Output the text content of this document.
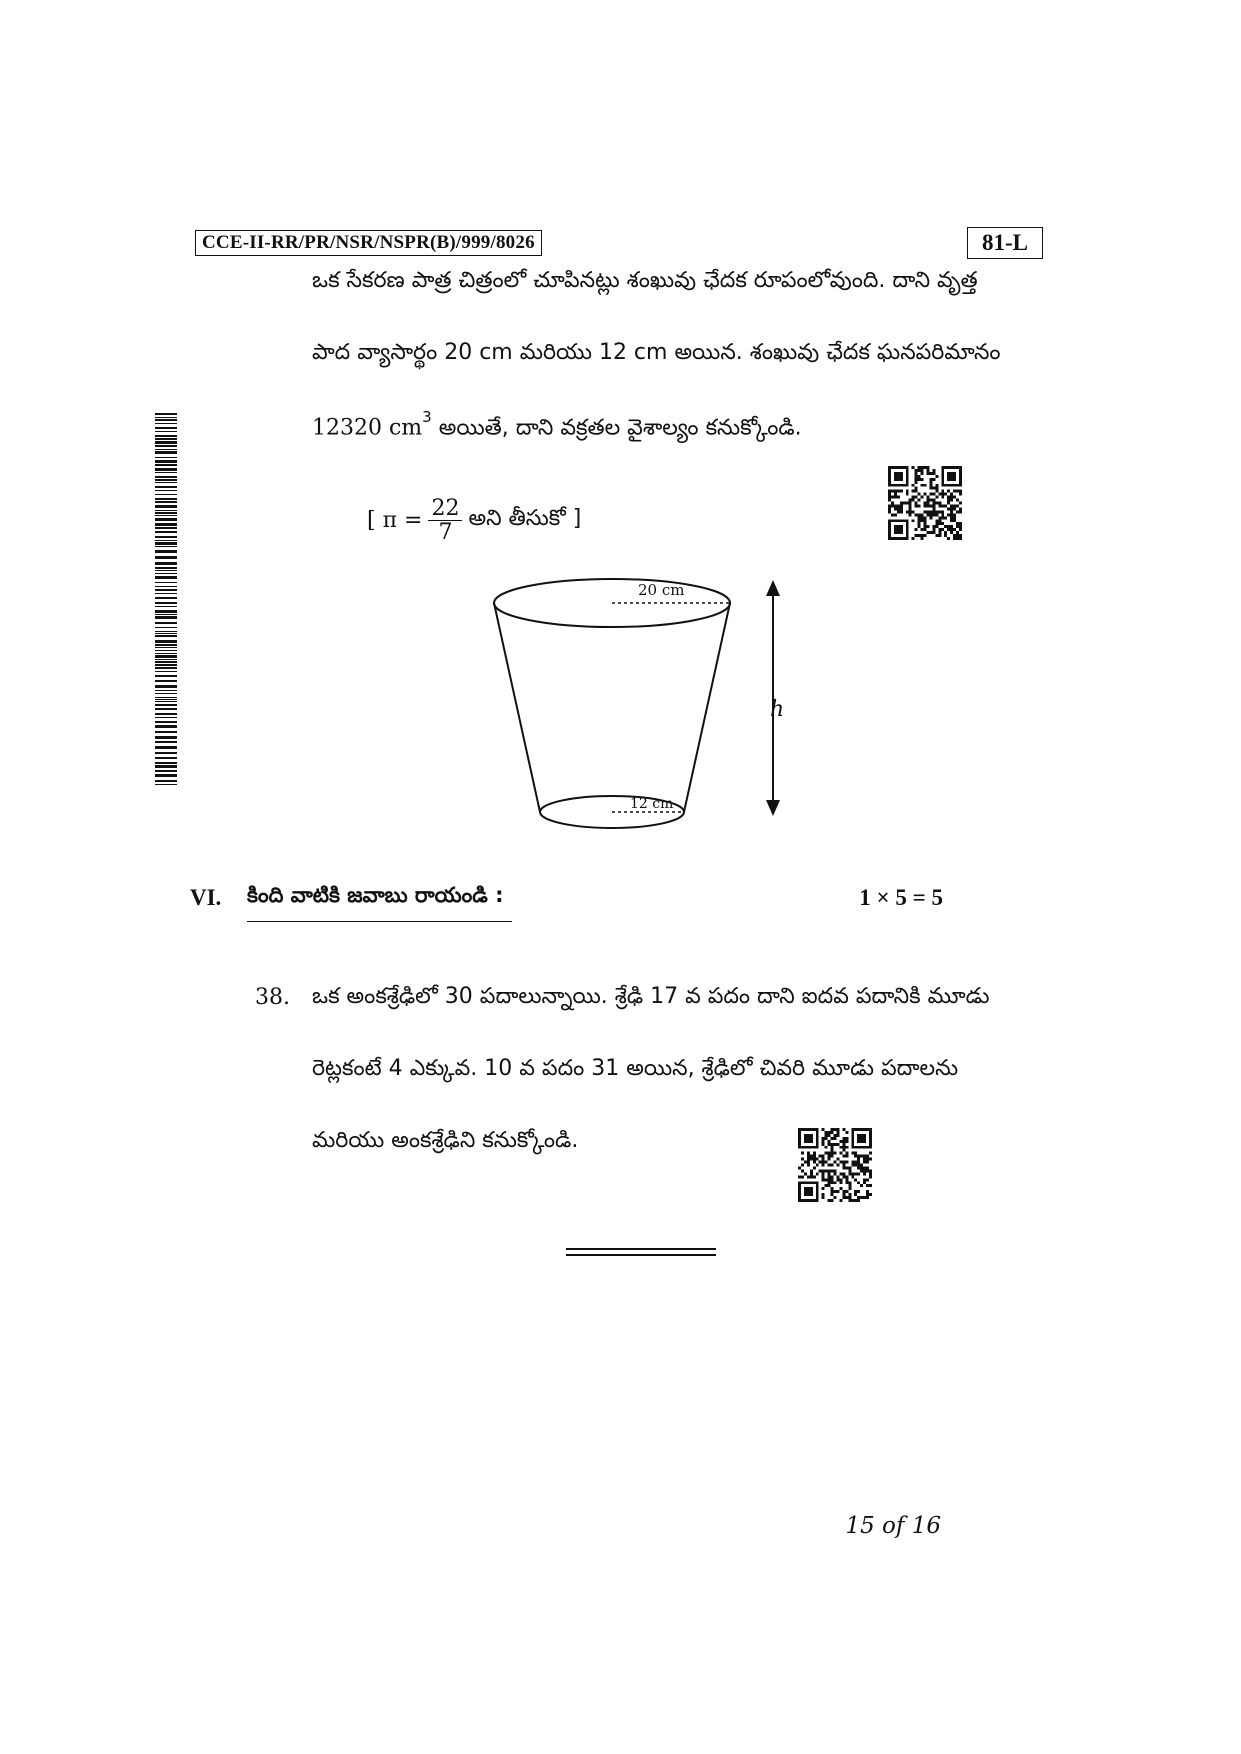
CCE-II-RR/PR/NSR/NSPR(B)/999/8026	81-L
ఒక సేకరణ పాత్ర చిత్రంలో చూపినట్లు శంఖువు ఛేదక రూపంలోవుంది. దాని వృత్త
పాద వ్యాసార్థం 20 cm మరియు 12 cm అయిన. శంఖువు ఛేదక ఘనపరిమానం
12320 $cm^3$ అయితే, దాని వక్రతల వైశాల్యం కనుక్కోండి.
[ $\pi = \frac{22}{7}$ అని తీసుకో ]
20 cm
12 cm
h
VI. కింది వాటికి జవాబు రాయండి :	1 × 5 = 5
38. ఒక అంకశ్రేఢిలో 30 పదాలున్నాయి. శ్రేఢి 17 వ పదం దాని ఐదవ పదానికి మూడు
రెట్లకంటే 4 ఎక్కువ. 10 వ పదం 31 అయిన, శ్రేఢిలో చివరి మూడు పదాలను
మరియు అంకశ్రేఢిని కనుక్కోండి.
15 of 16
